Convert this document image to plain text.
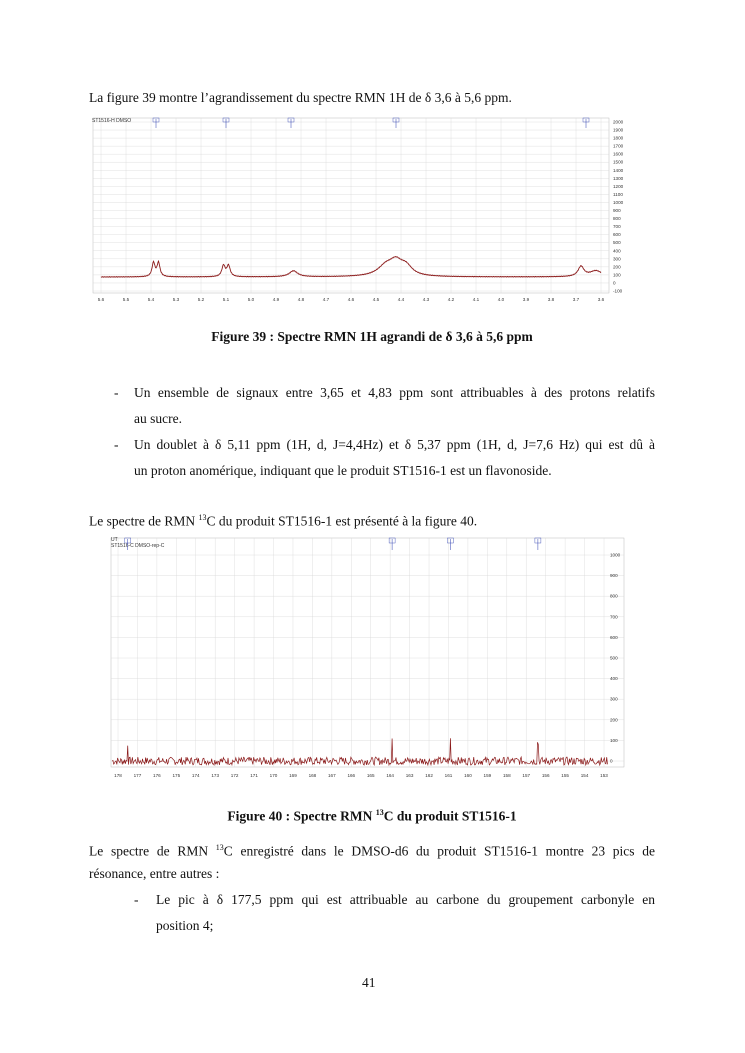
La figure 39 montre l’agrandissement du spectre RMN 1H de δ 3,6 à 5,6 ppm.
2000
1900
1800
1700
1600
1500
1400
1300
1200
1100
1000
900
800
700
600
500
400
300
200
100
0
-100
5.6	5.5	5.4	5.3	5.2	5.1	5.0	4.9	4.8	4.7	4.6	4.5	4.4	4.3	4.2	4.1	4.0	3.9	3.8	3.7	3.6
ST1516-H DMSO
Figure 39 : Spectre RMN 1H agrandi de δ 3,6 à 5,6 ppm
- Un ensemble de signaux entre 3,65 et 4,83 ppm sont attribuables à des protons relatifs
au sucre.
- Un doublet à δ 5,11 ppm (1H, d, J=4,4Hz) et δ 5,37 ppm (1H, d, J=7,6 Hz) qui est dû à
un proton anomérique, indiquant que le produit ST1516-1 est un flavonoside.
Le spectre de RMN $^{13}$C du produit ST1516-1 est présenté à la figure 40.
1000
900
800
700
600
500
400
300
200
100
0
178	177	176	175	174	173	172	171	170	169	168	167	166	165	164	163	162	161	160	159	158	157	156	155	154	153
UT
ST1516-C DMSO-rep-C
Figure 40 : Spectre RMN $^{13}$C du produit ST1516-1
Le spectre de RMN $^{13}$C enregistré dans le DMSO-d6 du produit ST1516-1 montre 23 pics de
résonance, entre autres :
- Le pic à δ 177,5 ppm qui est attribuable au carbone du groupement carbonyle en
position 4;
41
